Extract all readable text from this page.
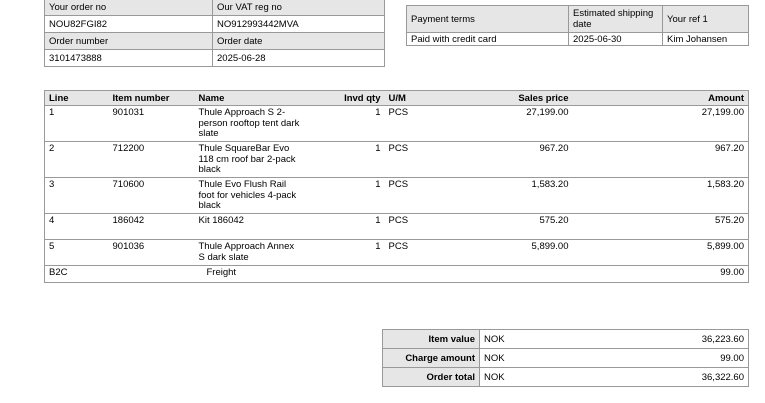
Your order no	Our VAT reg no
NOU82FGI82	NO912993442MVA
Order number	Order date
3101473888	2025-06-28
Payment terms	Estimated shipping date	Your ref 1
Paid with credit card	2025-06-30	Kim Johansen
Line	Item number	Name	Invd qty	U/M	Sales price	Amount
1	901031	Thule Approach S 2-person rooftop tent dark slate	1	PCS	27,199.00	27,199.00
2	712200	Thule SquareBar Evo 118 cm roof bar 2-pack black	1	PCS	967.20	967.20
3	710600	Thule Evo Flush Rail foot for vehicles 4-pack black	1	PCS	1,583.20	1,583.20
4	186042	Kit 186042	1	PCS	575.20	575.20
5	901036	Thule Approach Annex S dark slate	1	PCS	5,899.00	5,899.00
B2C		Freight				99.00
Item value	NOK	36,223.60
Charge amount	NOK	99.00
Order total	NOK	36,322.60
